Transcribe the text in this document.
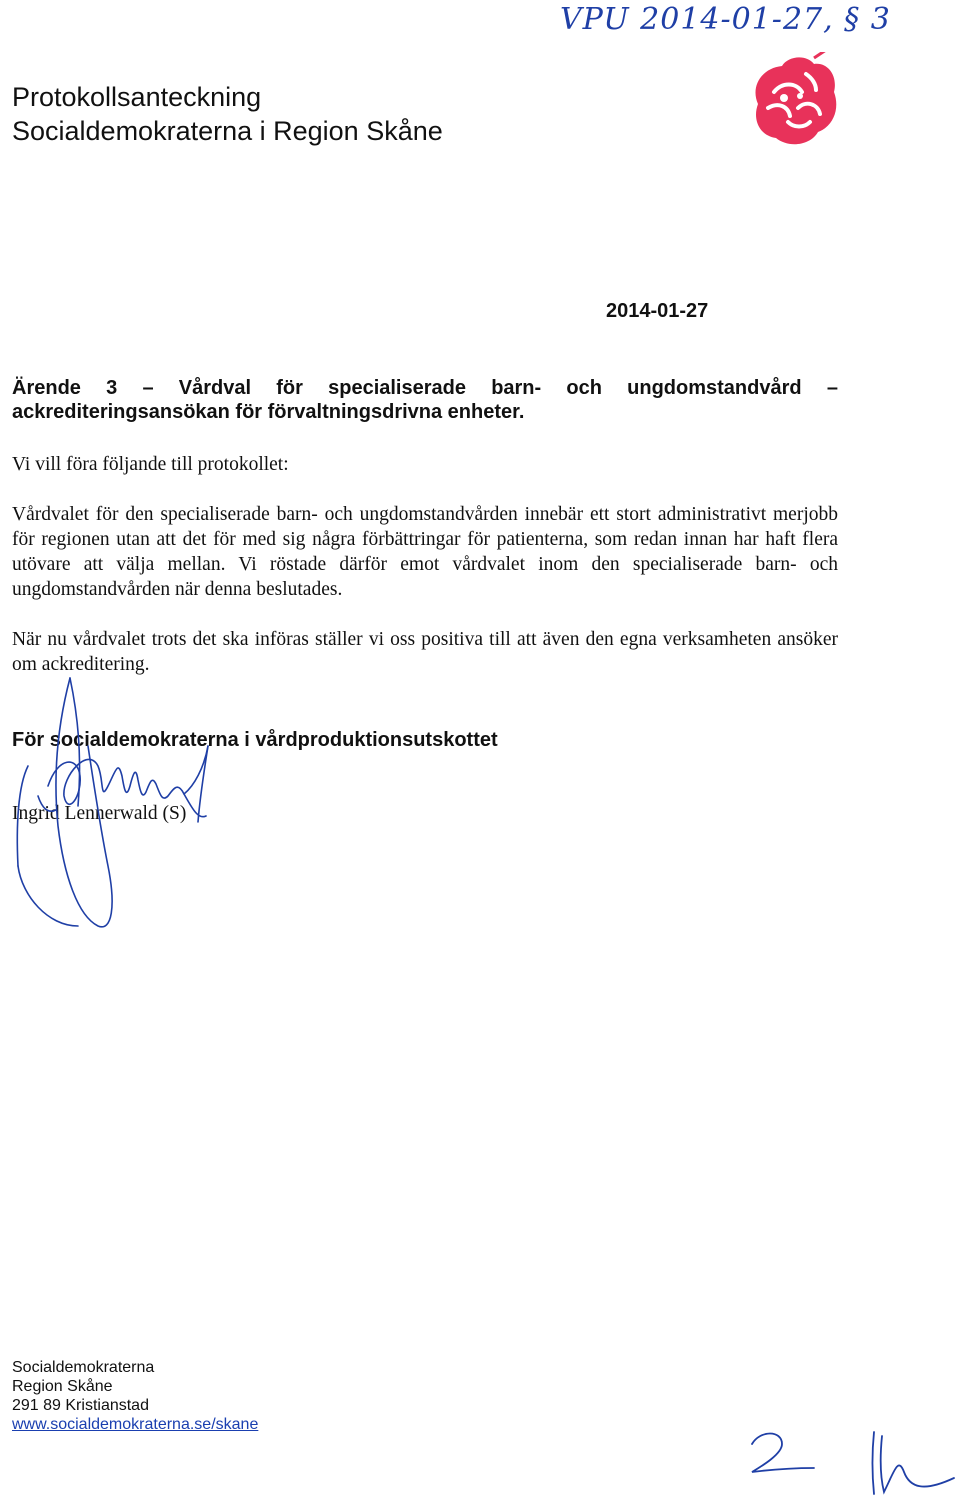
VPU 2014-01-27, § 3
Protokollsanteckning
Socialdemokraterna i Region Skåne
2014-01-27
Ärende 3 – Vårdval för specialiserade barn- och ungdomstandvård –
ackrediteringsansökan för förvaltningsdrivna enheter.
Vi vill föra följande till protokollet:
Vårdvalet för den specialiserade barn- och ungdomstandvården innebär ett stort administrativt merjobb för regionen utan att det för med sig några förbättringar för patienterna, som redan innan har haft flera utövare att välja mellan. Vi röstade därför emot vårdvalet inom den specialiserade barn- och ungdomstandvården när denna beslutades.
När nu vårdvalet trots det ska införas ställer vi oss positiva till att även den egna verksamheten ansöker om ackreditering.
För socialdemokraterna i vårdproduktionsutskottet
Ingrid Lennerwald (S)
Socialdemokraterna
Region Skåne
291 89 Kristianstad
www.socialdemokraterna.se/skane
